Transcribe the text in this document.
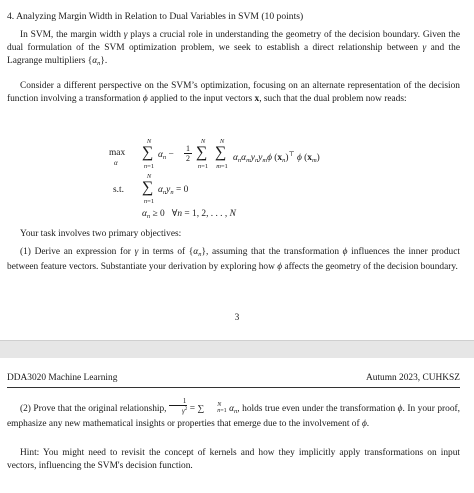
4. Analyzing Margin Width in Relation to Dual Variables in SVM (10 points)
In SVM, the margin width γ plays a crucial role in understanding the geometry of the decision boundary. Given the dual formulation of the SVM optimization problem, we seek to establish a direct relationship between γ and the Lagrange multipliers $\{\alpha_n\}$.
Consider a different perspective on the SVM’s optimization, focusing on an alternate representation of the decision function involving a transformation ϕ applied to the input vectors x, such that the dual problem now reads:
max
α
N
∑
n=1
$\alpha_n$ −
1

2
N
∑
n=1
N
∑
m=1
$\alpha_n\alpha_my_ny_m\phi$ $(x_n)^⊤$ ϕ $(x_m)$
s.t.
N
∑
n=1
$\alpha_ny_n = 0$
$\alpha_n \ge 0$   ∀n = 1, 2, . . . , N
Your task involves two primary objectives:
(1) Derive an expression for γ in terms of $\{\alpha_n\}$, assuming that the transformation ϕ influences the inner product between feature vectors. Substantiate your derivation by exploring how ϕ affects the geometry of the decision boundary.
3
DDA3020 Machine Learning	Autumn 2023, CUHKSZ
(2) Prove that the original relationship, $\frac{1}{\gamma^2}$ = ∑	N
n=1 $\alpha_n$, holds true even under the transformation ϕ. In your proof, emphasize any new mathematical insights or properties that emerge due to the involvement of ϕ.
Hint: You might need to revisit the concept of kernels and how they implicitly apply transformations on input vectors, influencing the SVM's decision function.
